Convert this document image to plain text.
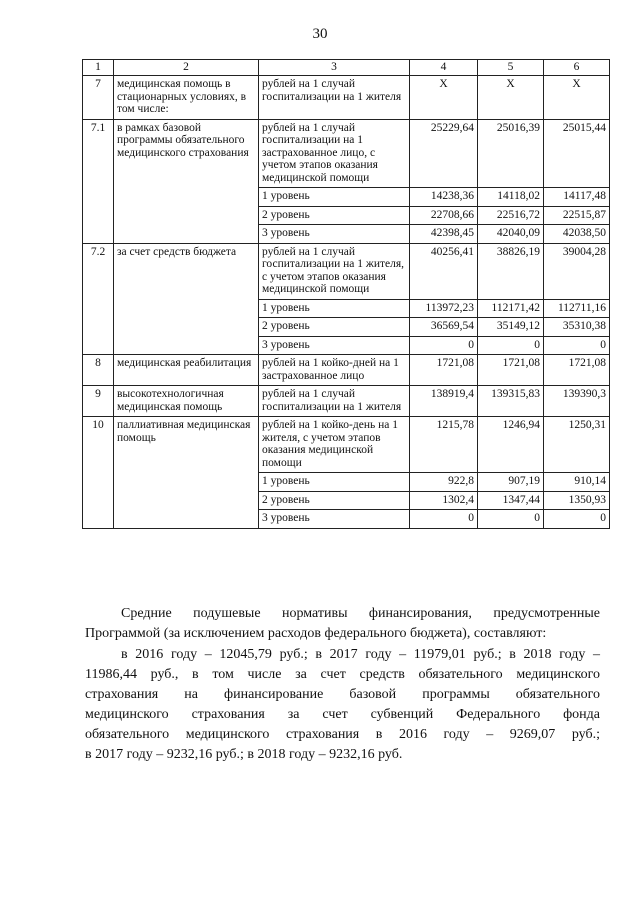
30
1	2	3	4	5	6
7	медицинская помощь в стационарных условиях, в том числе:	рублей на 1 случай госпитализации на 1 жителя	X	X	X
7.1	в рамках базовой программы обязательного медицинского страхования	рублей на 1 случай госпитализации на 1 застрахованное лицо, с учетом этапов оказания медицинской помощи	25229,64	25016,39	25015,44
		1 уровень	14238,36	14118,02	14117,48
		2 уровень	22708,66	22516,72	22515,87
		3 уровень	42398,45	42040,09	42038,50
7.2	за счет средств бюджета	рублей на 1 случай госпитализации на 1 жителя, с учетом этапов оказания медицинской помощи	40256,41	38826,19	39004,28
		1 уровень	113972,23	112171,42	112711,16
		2 уровень	36569,54	35149,12	35310,38
		3 уровень	0	0	0
8	медицинская реабилитация	рублей на 1 койко-дней на 1 застрахованное лицо	1721,08	1721,08	1721,08
9	высокотехнологичная медицинская помощь	рублей на 1 случай госпитализации на 1 жителя	138919,4	139315,83	139390,3
10	паллиативная медицинская помощь	рублей на 1 койко-день на 1 жителя, с учетом этапов оказания медицинской помощи	1215,78	1246,94	1250,31
		1 уровень	922,8	907,19	910,14
		2 уровень	1302,4	1347,44	1350,93
		3 уровень	0	0	0
Средние подушевые нормативы финансирования, предусмотренные Программой (за исключением расходов федерального бюджета), составляют:
в 2016 году – 12045,79 руб.; в 2017 году – 11979,01 руб.; в 2018 году –
11986,44 руб., в том числе за счет средств обязательного медицинского
страхования на финансирование базовой программы обязательного
медицинского страхования за счет субвенций Федерального фонда
обязательного медицинского страхования в 2016 году – 9269,07 руб.;
в 2017 году – 9232,16 руб.; в 2018 году – 9232,16 руб.
